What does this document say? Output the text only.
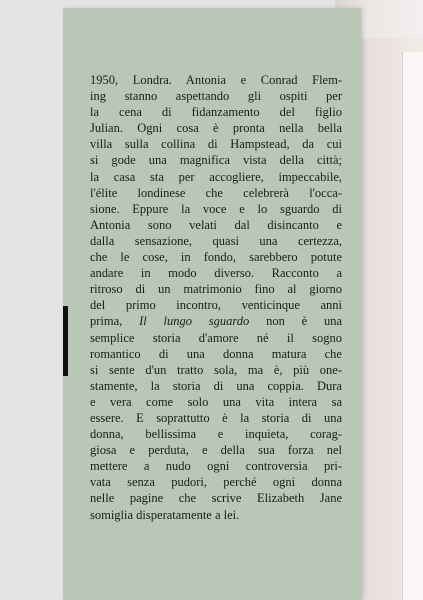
1950, Londra. Antonia e Conrad Flem-
ing stanno aspettando gli ospiti per
la cena di fidanzamento del figlio
Julian. Ogni cosa è pronta nella bella
villa sulla collina di Hampstead, da cui
si gode una magnifica vista della città;
la casa sta per accogliere, impeccabile,
l'élite londinese che celebrerà l'occa-
sione. Eppure la voce e lo sguardo di
Antonia sono velati dal disincanto e
dalla sensazione, quasi una certezza,
che le cose, in fondo, sarebbero potute
andare in modo diverso. Racconto a
ritroso di un matrimonio fino al giorno
del primo incontro, venticinque anni
prima, Il lungo sguardo non è una
semplice storia d'amore né il sogno
romantico di una donna matura che
si sente d'un tratto sola, ma è, più one-
stamente, la storia di una coppia. Dura
e vera come solo una vita intera sa
essere. E soprattutto è la storia di una
donna, bellissima e inquieta, corag-
giosa e perduta, e della sua forza nel
mettere a nudo ogni controversia pri-
vata senza pudori, perché ogni donna
nelle pagine che scrive Elizabeth Jane
somiglia disperatamente a lei.
